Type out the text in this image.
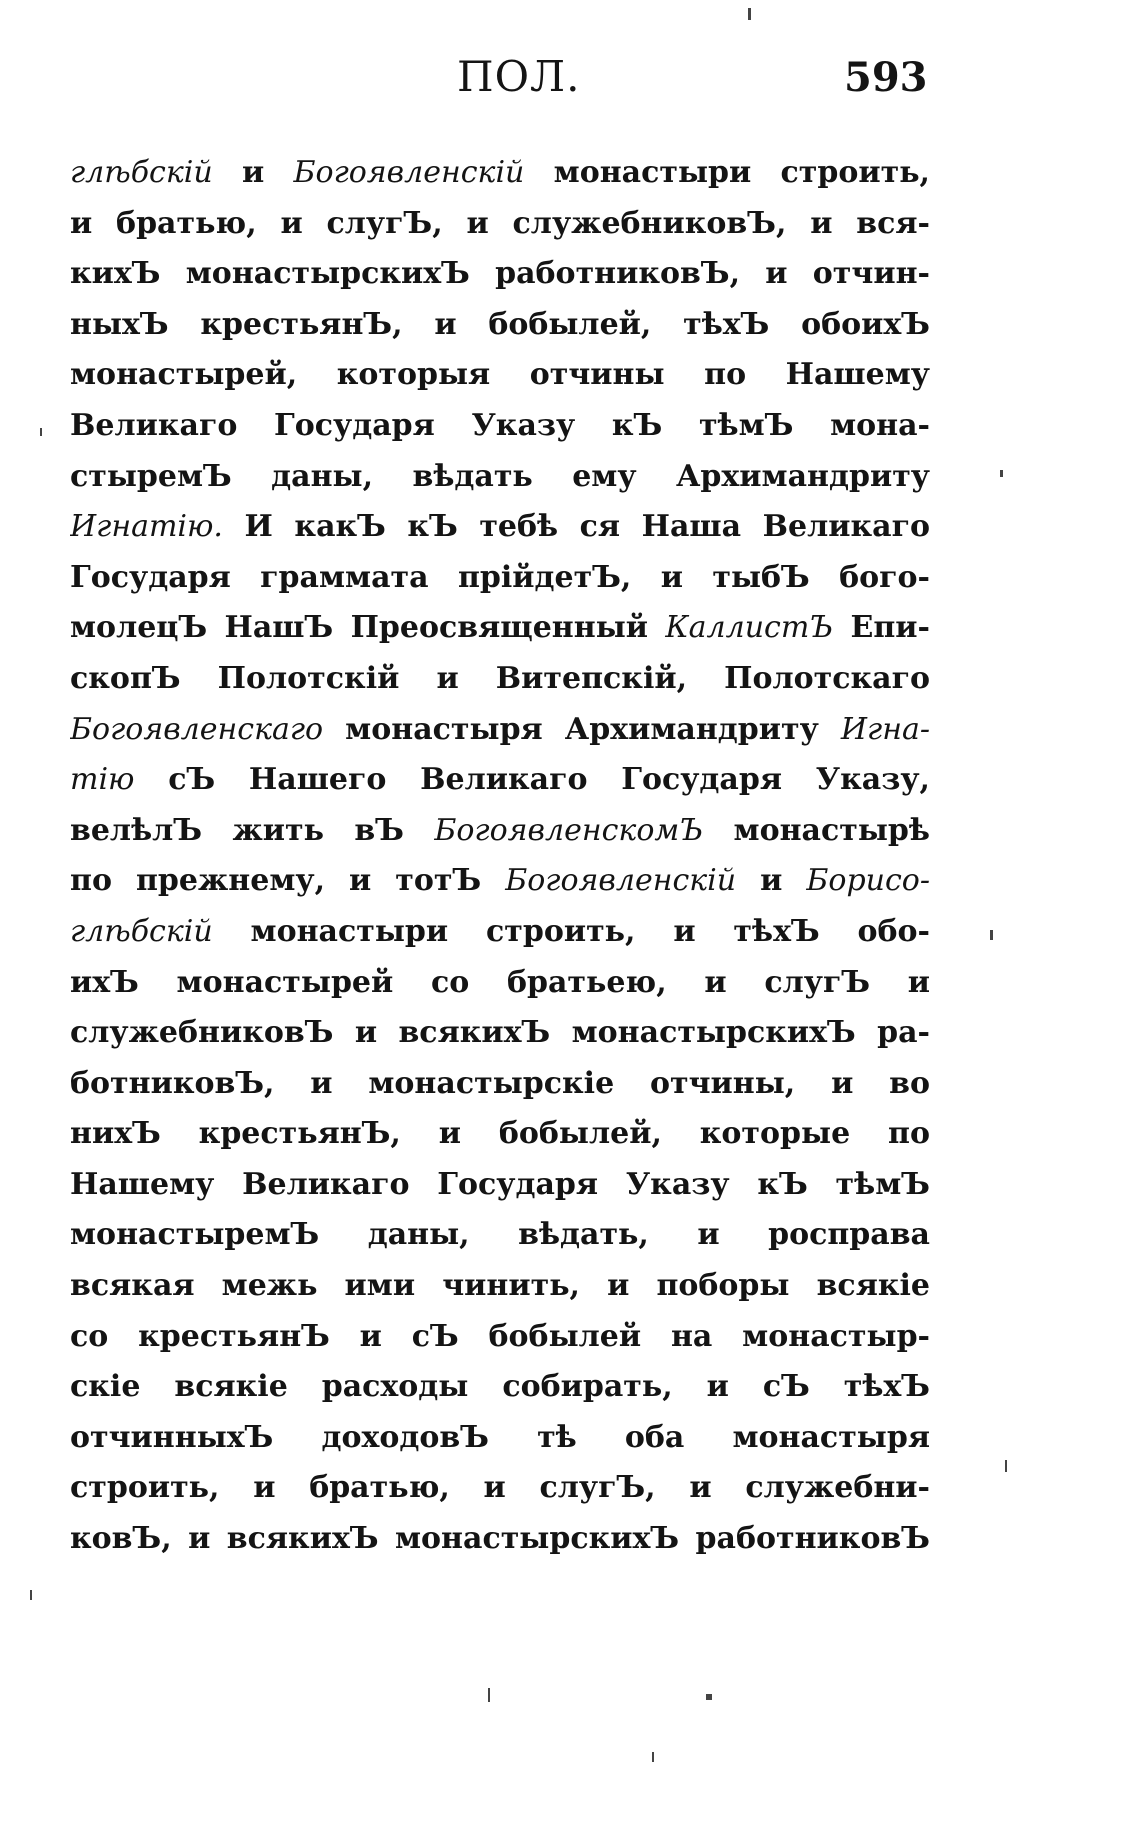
ПОЛ.	593
глѣбскій и Богоявленскій монастыри строить,
и братью, и слугЪ, и служебниковЪ, и вся-
кихЪ монастырскихЪ работниковЪ, и отчин-
ныхЪ крестьянЪ, и бобылей, тѣхЪ обоихЪ
монастырей, которыя отчины по Нашему
Великаго Государя Указу кЪ тѣмЪ мона-
стыремЪ даны, вѣдать ему Архимандриту
Игнатію. И какЪ кЪ тебѣ ся Наша Великаго
Государя граммата прійдетЪ, и тыбЪ бого-
молецЪ НашЪ Преосвященный КаллистЪ Епи-
скопЪ Полотскій и Витепскій, Полотскаго
Богоявленскаго монастыря Архимандриту Игна-
тію сЪ Нашего Великаго Государя Указу,
велѣлЪ жить вЪ БогоявленскомЪ монастырѣ
по прежнему, и тотЪ Богоявленскій и Борисо-
глѣбскій монастыри строить, и тѣхЪ обо-
ихЪ монастырей со братьею, и слугЪ и
служебниковЪ и всякихЪ монастырскихЪ ра-
ботниковЪ, и монастырскіе отчины, и во
нихЪ крестьянЪ, и бобылей, которые по
Нашему Великаго Государя Указу кЪ тѣмЪ
монастыремЪ даны, вѣдать, и росправа
всякая межь ими чинить, и поборы всякіе
со крестьянЪ и сЪ бобылей на монастыр-
скіе всякіе расходы собирать, и сЪ тѣхЪ
отчинныхЪ доходовЪ тѣ оба монастыря
строить, и братью, и слугЪ, и служебни-
ковЪ, и всякихЪ монастырскихЪ работниковЪ
